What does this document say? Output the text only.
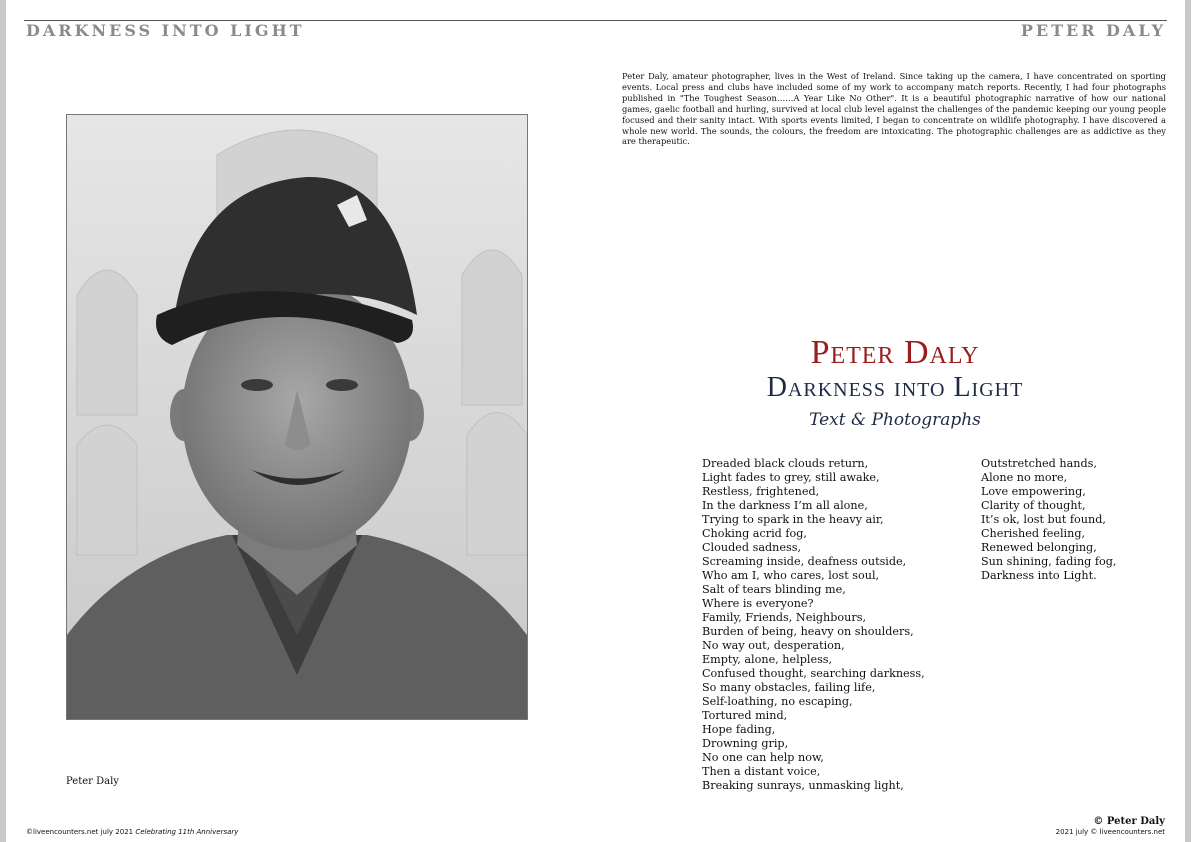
DARKNESS INTO LIGHT	PETER DALY

Peter Daly

Peter Daly, amateur photographer, lives in the West of Ireland. Since taking up the camera, I have concentrated on sporting events. Local press and clubs have included some of my work to accompany match reports. Recently, I had four photographs published in "The Toughest Season……A Year Like No Other". It is a beautiful photographic narrative of how our national games, gaelic football and hurling, survived at local club level against the challenges of the pandemic keeping our young people focused and their sanity intact. With sports events limited, I began to concentrate on wildlife photography. I have discovered a whole new world. The sounds, the colours, the freedom are intoxicating. The photographic challenges are as addictive as they are therapeutic.

Peter Daly
Darkness into Light

Text & Photographs

Dreaded black clouds return,
Light fades to grey, still awake,
Restless, frightened,
In the darkness I’m all alone,
Trying to spark in the heavy air,
Choking acrid fog,
Clouded sadness,
Screaming inside, deafness outside,
Who am I, who cares, lost soul,
Salt of tears blinding me,
Where is everyone?
Family, Friends, Neighbours,
Burden of being, heavy on shoulders,
No way out, desperation,
Empty, alone, helpless,
Confused thought, searching darkness,
So many obstacles, failing life,
Self-loathing, no escaping,
Tortured mind,
Hope fading,
Drowning grip,
No one can help now,
Then a distant voice,
Breaking sunrays, unmasking light,
Outstretched hands,
Alone no more,
Love empowering,
Clarity of thought,
It’s ok, lost but found,
Cherished feeling,
Renewed belonging,
Sun shining, fading fog,
Darkness into Light.

© Peter Daly

©liveencounters.net july 2021 Celebrating 11th Anniversary	2021 july © liveencounters.net
